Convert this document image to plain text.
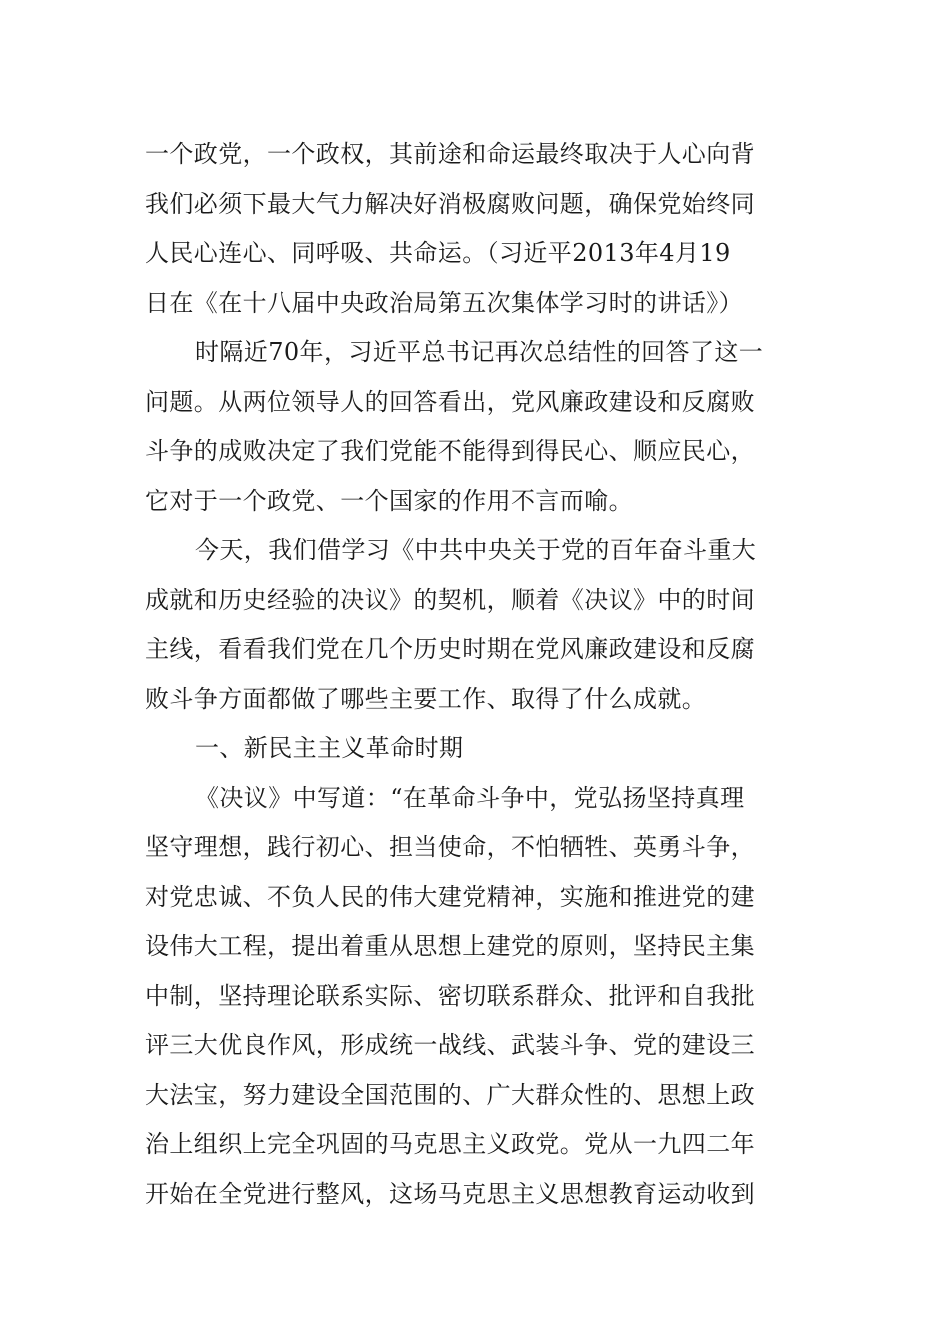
一个政党，一个政权，其前途和命运最终取决于人心向背
我们必须下最大气力解决好消极腐败问题，确保党始终同
人民心连心、同呼吸、共命运。（习近平2013年4月19
日在《在十八届中央政治局第五次集体学习时的讲话》）
时隔近70年，习近平总书记再次总结性的回答了这一
问题。从两位领导人的回答看出，党风廉政建设和反腐败
斗争的成败决定了我们党能不能得到得民心、顺应民心，
它对于一个政党、一个国家的作用不言而喻。
今天，我们借学习《中共中央关于党的百年奋斗重大
成就和历史经验的决议》的契机，顺着《决议》中的时间
主线，看看我们党在几个历史时期在党风廉政建设和反腐
败斗争方面都做了哪些主要工作、取得了什么成就。
一、新民主主义革命时期
《决议》中写道：“在革命斗争中，党弘扬坚持真理
坚守理想，践行初心、担当使命，不怕牺牲、英勇斗争，
对党忠诚、不负人民的伟大建党精神，实施和推进党的建
设伟大工程，提出着重从思想上建党的原则，坚持民主集
中制，坚持理论联系实际、密切联系群众、批评和自我批
评三大优良作风，形成统一战线、武装斗争、党的建设三
大法宝，努力建设全国范围的、广大群众性的、思想上政
治上组织上完全巩固的马克思主义政党。党从一九四二年
开始在全党进行整风，这场马克思主义思想教育运动收到
